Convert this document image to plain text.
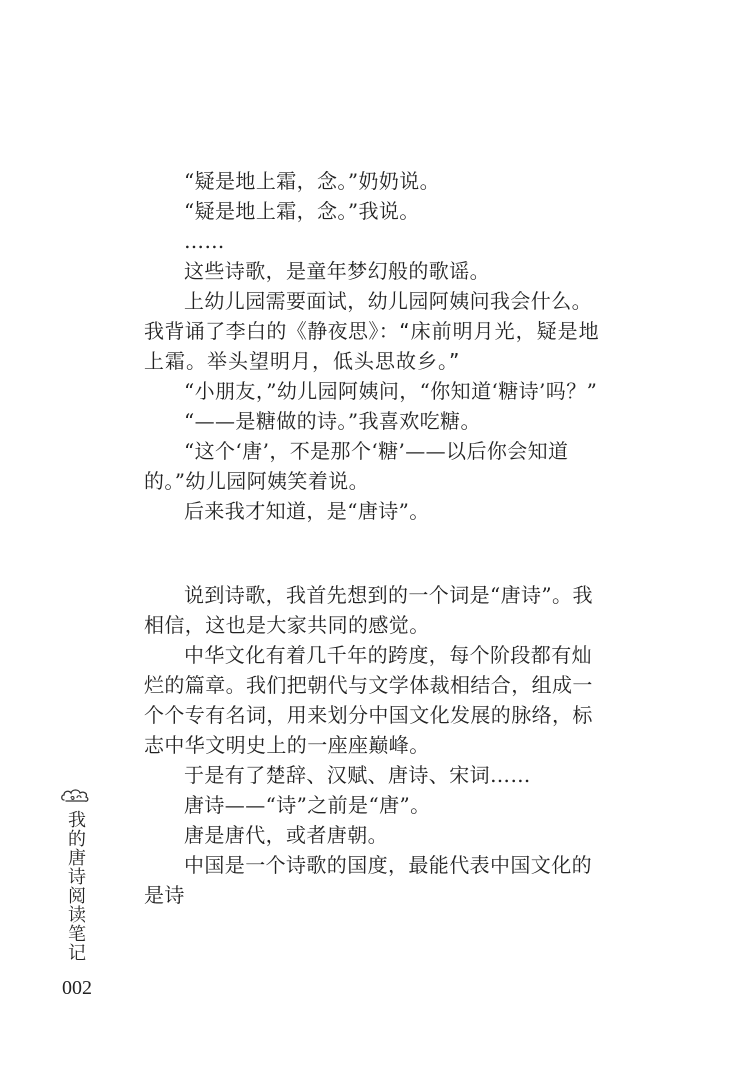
“疑是地上霜，念。”奶奶说。

“疑是地上霜，念。”我说。

……

这些诗歌，是童年梦幻般的歌谣。

上幼儿园需要面试，幼儿园阿姨问我会什么。我背诵了李白的《静夜思》：“床前明月光，疑是地上霜。举头望明月，低头思故乡。”

“小朋友，”幼儿园阿姨问，“你知道‘糖诗’吗？”

“——是糖做的诗。”我喜欢吃糖。

“这个‘唐’，不是那个‘糖’——以后你会知道的。”幼儿园阿姨笑着说。

后来我才知道，是“唐诗”。

说到诗歌，我首先想到的一个词是“唐诗”。我相信，这也是大家共同的感觉。

中华文化有着几千年的跨度，每个阶段都有灿烂的篇章。我们把朝代与文学体裁相结合，组成一个个专有名词，用来划分中国文化发展的脉络，标志中华文明史上的一座座巅峰。

于是有了楚辞、汉赋、唐诗、宋词……

唐诗——“诗”之前是“唐”。

唐是唐代，或者唐朝。

中国是一个诗歌的国度，最能代表中国文化的是诗

我的唐诗阅读笔记
002
